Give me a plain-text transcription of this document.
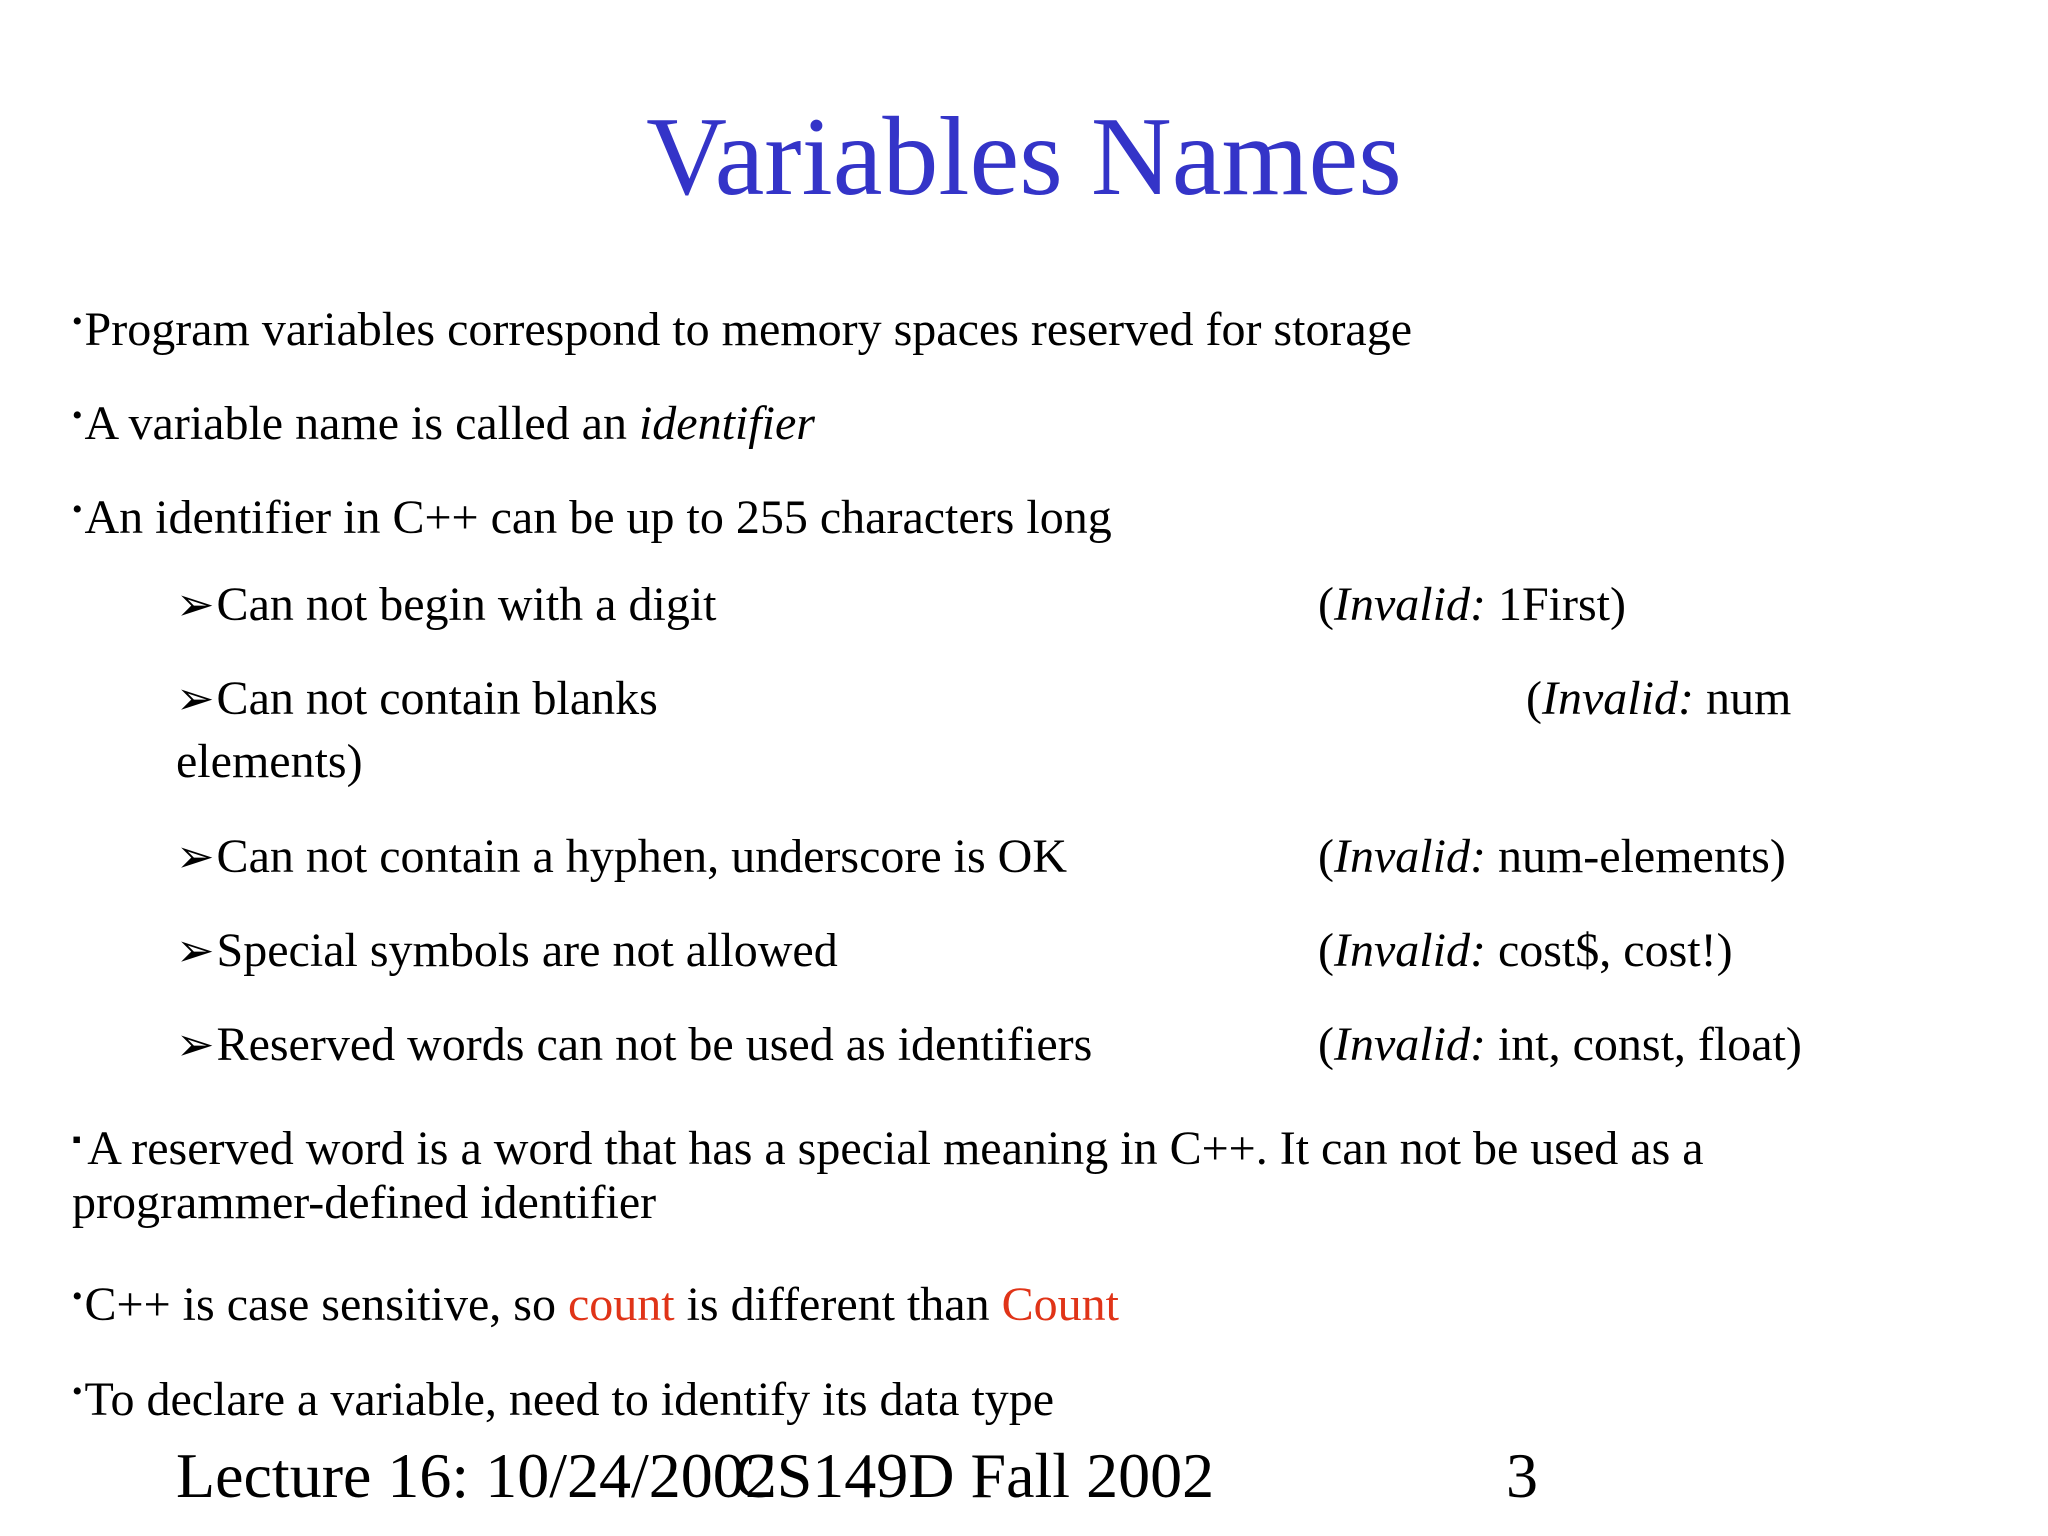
Variables Names
•Program variables correspond to memory spaces reserved for storage
•A variable name is called an identifier
•An identifier in C++ can be up to 255 characters long
➢Can not begin with a digit	(Invalid: 1First)
➢Can not contain blanks	(Invalid: num
elements)
➢Can not contain a hyphen, underscore is OK	(Invalid: num-elements)
➢Special symbols are not allowed	(Invalid: cost$, cost!)
➢Reserved words can not be used as identifiers	(Invalid: int, const, float)
▪ A reserved word is a word that has a special meaning in C++. It can not be used as a
programmer-defined identifier
•C++ is case sensitive, so count is different than Count
•To declare a variable, need to identify its data type
Lecture 16: 10/24/2002
CS149D Fall 2002	3
